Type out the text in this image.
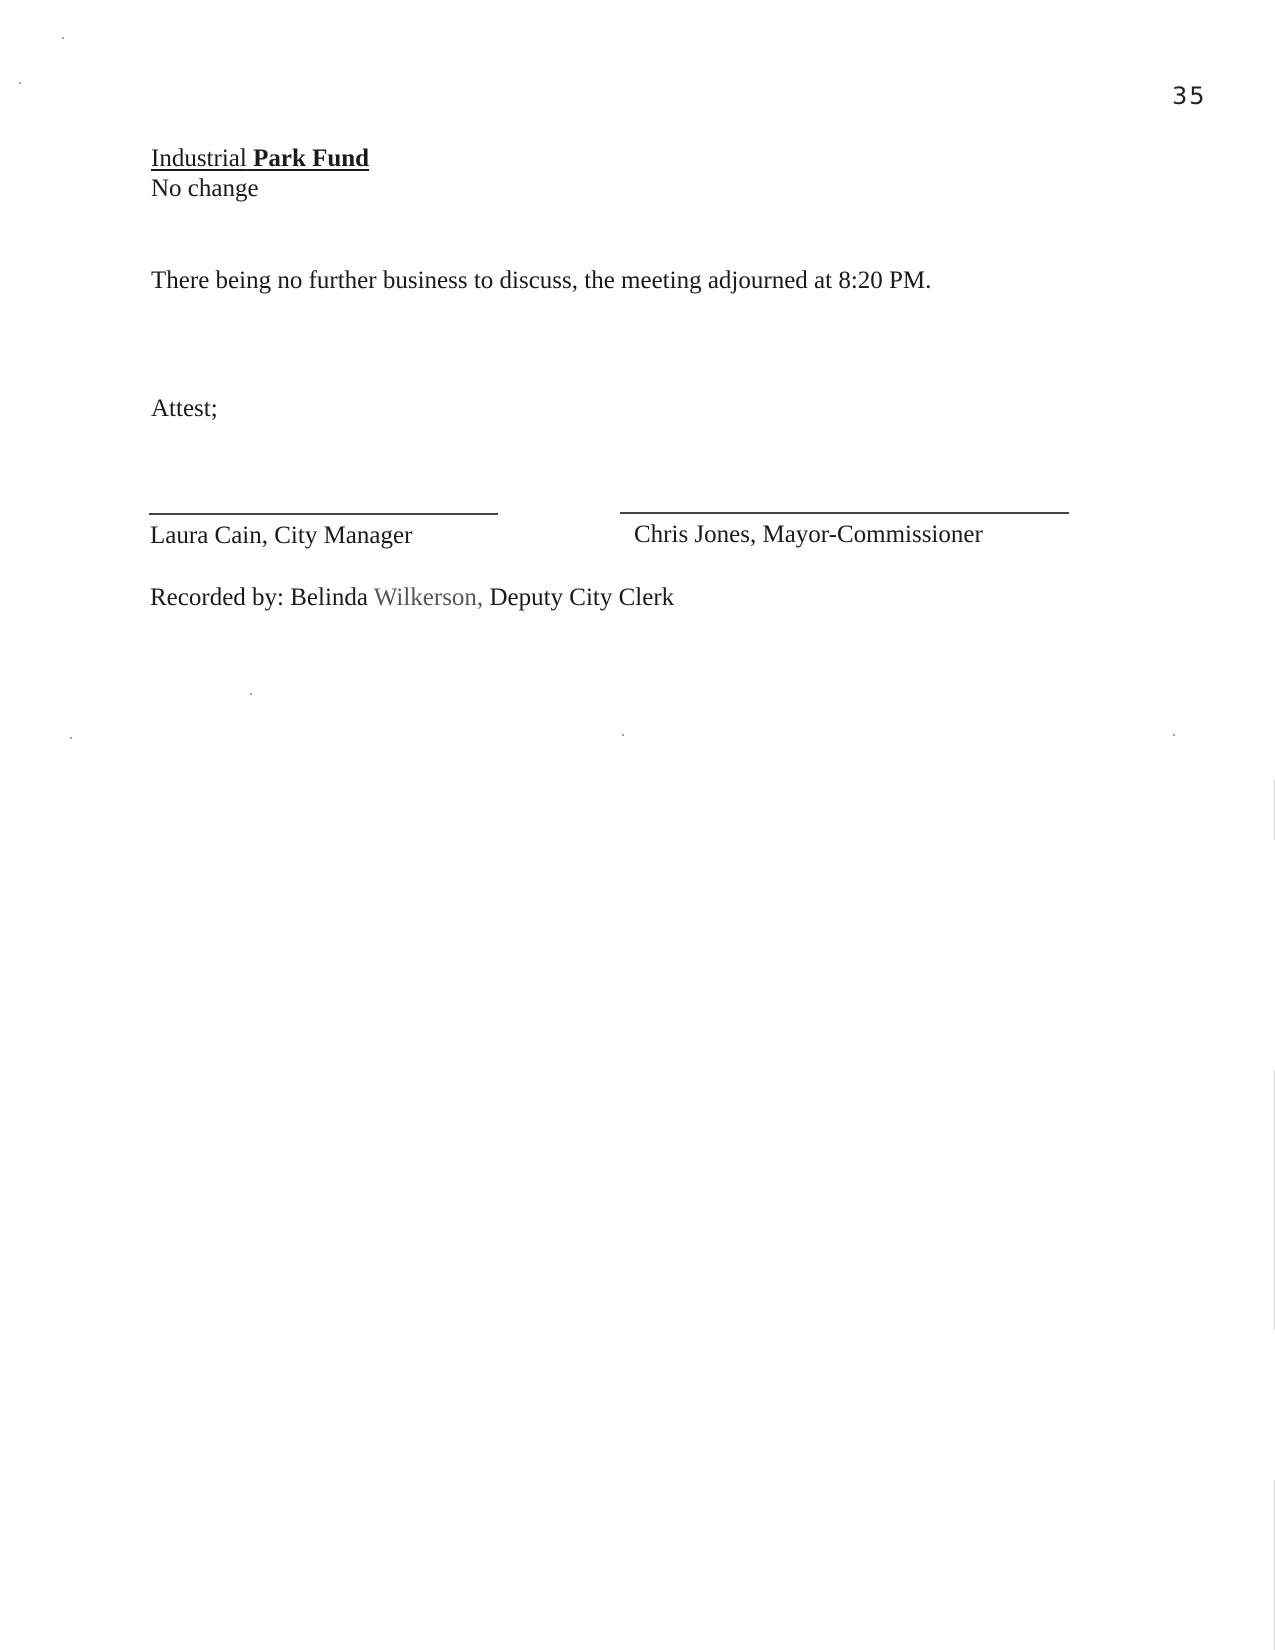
35
Industrial Park Fund
No change
There being no further business to discuss, the meeting adjourned at 8:20 PM.
Attest;
Laura Cain, City Manager	Chris Jones, Mayor-Commissioner
Recorded by: Belinda Wilkerson, Deputy City Clerk
